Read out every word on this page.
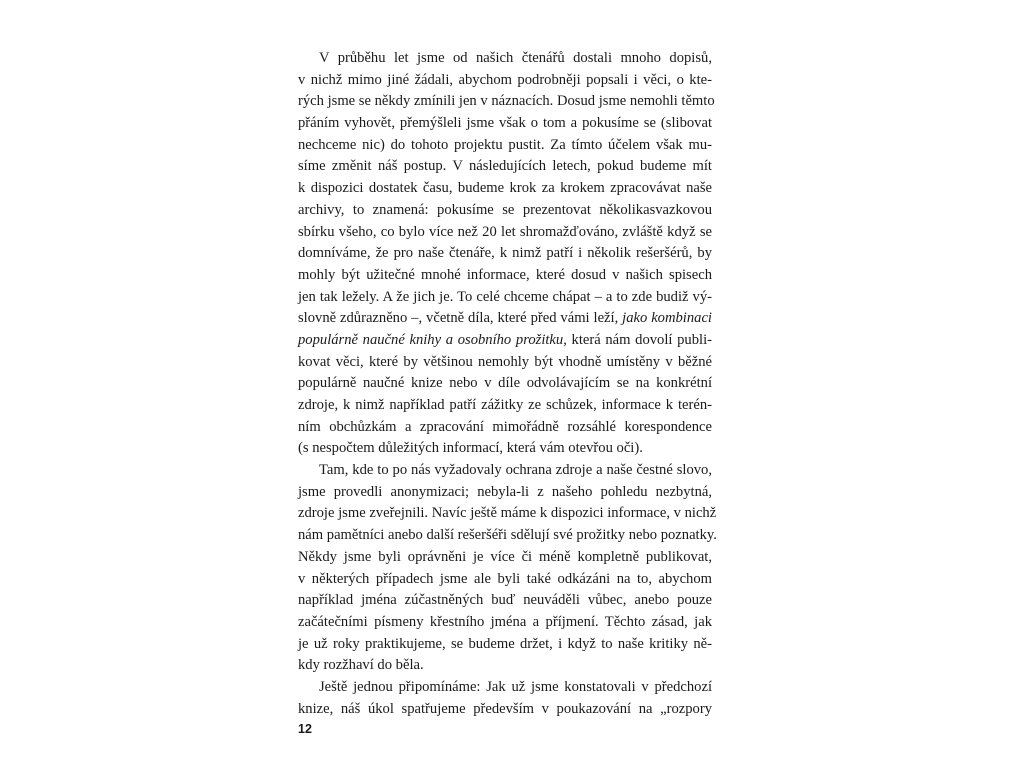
V průběhu let jsme od našich čtenářů dostali mnoho dopisů,
v nichž mimo jiné žádali, abychom podrobněji popsali i věci, o kte-
rých jsme se někdy zmínili jen v náznacích. Dosud jsme nemohli těmto
přáním vyhovět, přemýšleli jsme však o tom a pokusíme se (slibovat
nechceme nic) do tohoto projektu pustit. Za tímto účelem však mu-
síme změnit náš postup. V následujících letech, pokud budeme mít
k dispozici dostatek času, budeme krok za krokem zpracovávat naše
archivy, to znamená: pokusíme se prezentovat několikasvazkovou
sbírku všeho, co bylo více než 20 let shromažďováno, zvláště když se
domníváme, že pro naše čtenáře, k nimž patří i několik rešeršérů, by
mohly být užitečné mnohé informace, které dosud v našich spisech
jen tak ležely. A že jich je. To celé chceme chápat – a to zde budiž vý-
slovně zdůrazněno –, včetně díla, které před vámi leží, jako kombinaci
populárně naučné knihy a osobního prožitku, která nám dovolí publi-
kovat věci, které by většinou nemohly být vhodně umístěny v běžné
populárně naučné knize nebo v díle odvolávajícím se na konkrétní
zdroje, k nimž například patří zážitky ze schůzek, informace k terén-
ním obchůzkám a zpracování mimořádně rozsáhlé korespondence
(s nespočtem důležitých informací, která vám otevřou oči).
Tam, kde to po nás vyžadovaly ochrana zdroje a naše čestné slovo,
jsme provedli anonymizaci; nebyla-li z našeho pohledu nezbytná,
zdroje jsme zveřejnili. Navíc ještě máme k dispozici informace, v nichž
nám pamětníci anebo další rešeršéři sdělují své prožitky nebo poznatky.
Někdy jsme byli oprávněni je více či méně kompletně publikovat,
v některých případech jsme ale byli také odkázáni na to, abychom
například jména zúčastněných buď neuváděli vůbec, anebo pouze
začátečními písmeny křestního jména a příjmení. Těchto zásad, jak
je už roky praktikujeme, se budeme držet, i když to naše kritiky ně-
kdy rozžhaví do běla.
Ještě jednou připomínáme: Jak už jsme konstatovali v předchozí
knize, náš úkol spatřujeme především v poukazování na „rozpory
12
